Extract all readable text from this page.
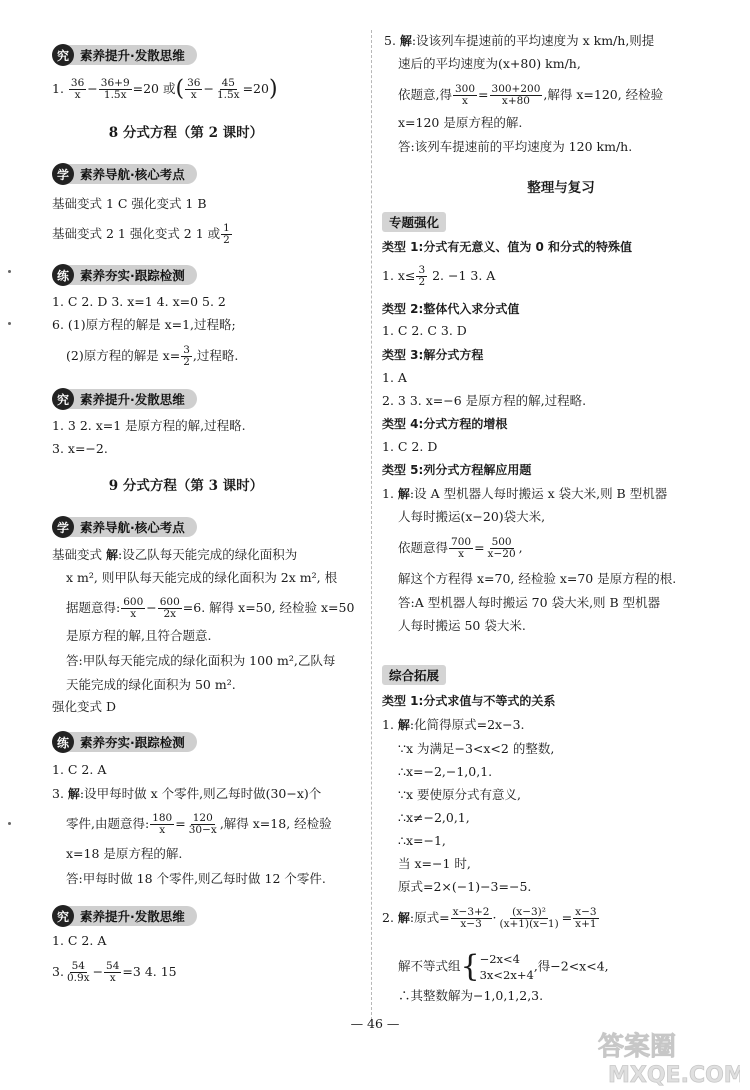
究 素养提升·发散思维
1. $\frac{36}{x} - \frac{36+9}{1.5x} =20$ 或( $\frac{36}{x} - \frac{45}{1.5x} =20$)
8 分式方程（第 2 课时）
学 素养导航·核心考点
基础变式 1 C 强化变式 1 B
基础变式 2 1 强化变式 2 1 或 $\frac{1}{2}$
练 素养夯实·跟踪检测
1. C 2. D 3. x=1 4. x=0 5. 2
6. (1)原方程的解是 x=1,过程略;
(2)原方程的解是 $x= \frac{3}{2}$ ,过程略.
究 素养提升·发散思维
1. 3 2. x=1 是原方程的解,过程略.
3. x=−2.
9 分式方程（第 3 课时）
学 素养导航·核心考点
基础变式 解:设乙队每天能完成的绿化面积为
x m², 则甲队每天能完成的绿化面积为 2x m², 根
据题意得: $\frac{600}{x} - \frac{600}{2x} =6$. 解得 x=50, 经检验 x=50
是原方程的解,且符合题意.
答:甲队每天能完成的绿化面积为 100 m²,乙队每
天能完成的绿化面积为 50 m².
强化变式 D
练 素养夯实·跟踪检测
1. C 2. A
3. 解:设甲每时做 x 个零件,则乙每时做(30−x)个
零件,由题意得: $\frac{180}{x} = \frac{120}{30-x}$ ,解得 x=18, 经检验
x=18 是原方程的解.
答:甲每时做 18 个零件,则乙每时做 12 个零件.
究 素养提升·发散思维
1. C 2. A
3. $\frac{54}{0.9x} - \frac{54}{x} =3$ 4. 15
5. 解:设该列车提速前的平均速度为 x km/h,则提
速后的平均速度为(x+80) km/h,
依题意,得 $\frac{300}{x} = \frac{300+200}{x+80}$ ,解得 x=120, 经检验
x=120 是原方程的解.
答:该列车提速前的平均速度为 120 km/h.
整理与复习
专题强化
类型 1:分式有无意义、值为 0 和分式的特殊值
1. $x\le \frac{3}{2} 2$. −1 3. A
类型 2:整体代入求分式值
1. C 2. C 3. D
类型 3:解分式方程
1. A
2. 3 3. x=−6 是原方程的解,过程略.
类型 4:分式方程的增根
1. C 2. D
类型 5:列分式方程解应用题
1. 解:设 A 型机器人每时搬运 x 袋大米,则 B 型机器
人每时搬运(x−20)袋大米,
依题意得 $\frac{700}{x} = \frac{500}{x-20}$ ,
解这个方程得 x=70, 经检验 x=70 是原方程的根.
答:A 型机器人每时搬运 70 袋大米,则 B 型机器
人每时搬运 50 袋大米.
综合拓展
类型 1:分式求值与不等式的关系
1. 解:化简得原式=2x−3.
∵x 为满足−3<x<2 的整数,
∴x=−2,−1,0,1.
∵x 要使原分式有意义,
∴x≠−2,0,1,
∴x=−1,
当 x=−1 时,
原式=2×(−1)−3=−5.
2. 解:原式= $\frac{x-3+2}{x-3} \cdot \frac{\text{(x−3)²}}{(x+1)(x-1)} = \frac{x-3}{x+1}$
解不等式组{ −2x<4
3x<2x+4
,得−2<x<4,
∴其整数解为−1,0,1,2,3.
— 46 —
答案圈
MXQE.COM
